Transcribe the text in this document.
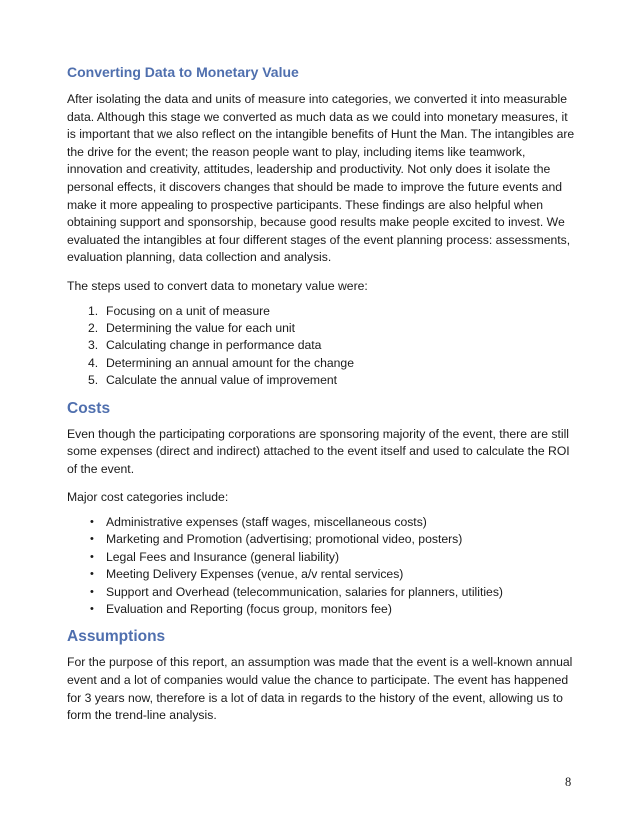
Converting Data to Monetary Value

After isolating the data and units of measure into categories, we converted it into measurable data. Although this stage we converted as much data as we could into monetary measures, it is important that we also reflect on the intangible benefits of Hunt the Man. The intangibles are the drive for the event; the reason people want to play, including items like teamwork, innovation and creativity, attitudes, leadership and productivity. Not only does it isolate the personal effects, it discovers changes that should be made to improve the future events and make it more appealing to prospective participants. These findings are also helpful when obtaining support and sponsorship, because good results make people excited to invest. We evaluated the intangibles at four different stages of the event planning process: assessments, evaluation planning, data collection and analysis.

The steps used to convert data to monetary value were:

1. Focusing on a unit of measure
2. Determining the value for each unit
3. Calculating change in performance data
4. Determining an annual amount for the change
5. Calculate the annual value of improvement
Costs

Even though the participating corporations are sponsoring majority of the event, there are still some expenses (direct and indirect) attached to the event itself and used to calculate the ROI of the event.

Major cost categories include:

• Administrative expenses (staff wages, miscellaneous costs)
• Marketing and Promotion (advertising; promotional video, posters)
• Legal Fees and Insurance (general liability)
• Meeting Delivery Expenses (venue, a/v rental services)
• Support and Overhead (telecommunication, salaries for planners, utilities)
• Evaluation and Reporting (focus group, monitors fee)
Assumptions

For the purpose of this report, an assumption was made that the event is a well-known annual event and a lot of companies would value the chance to participate. The event has happened for 3 years now, therefore is a lot of data in regards to the history of the event, allowing us to form the trend-line analysis.

8
